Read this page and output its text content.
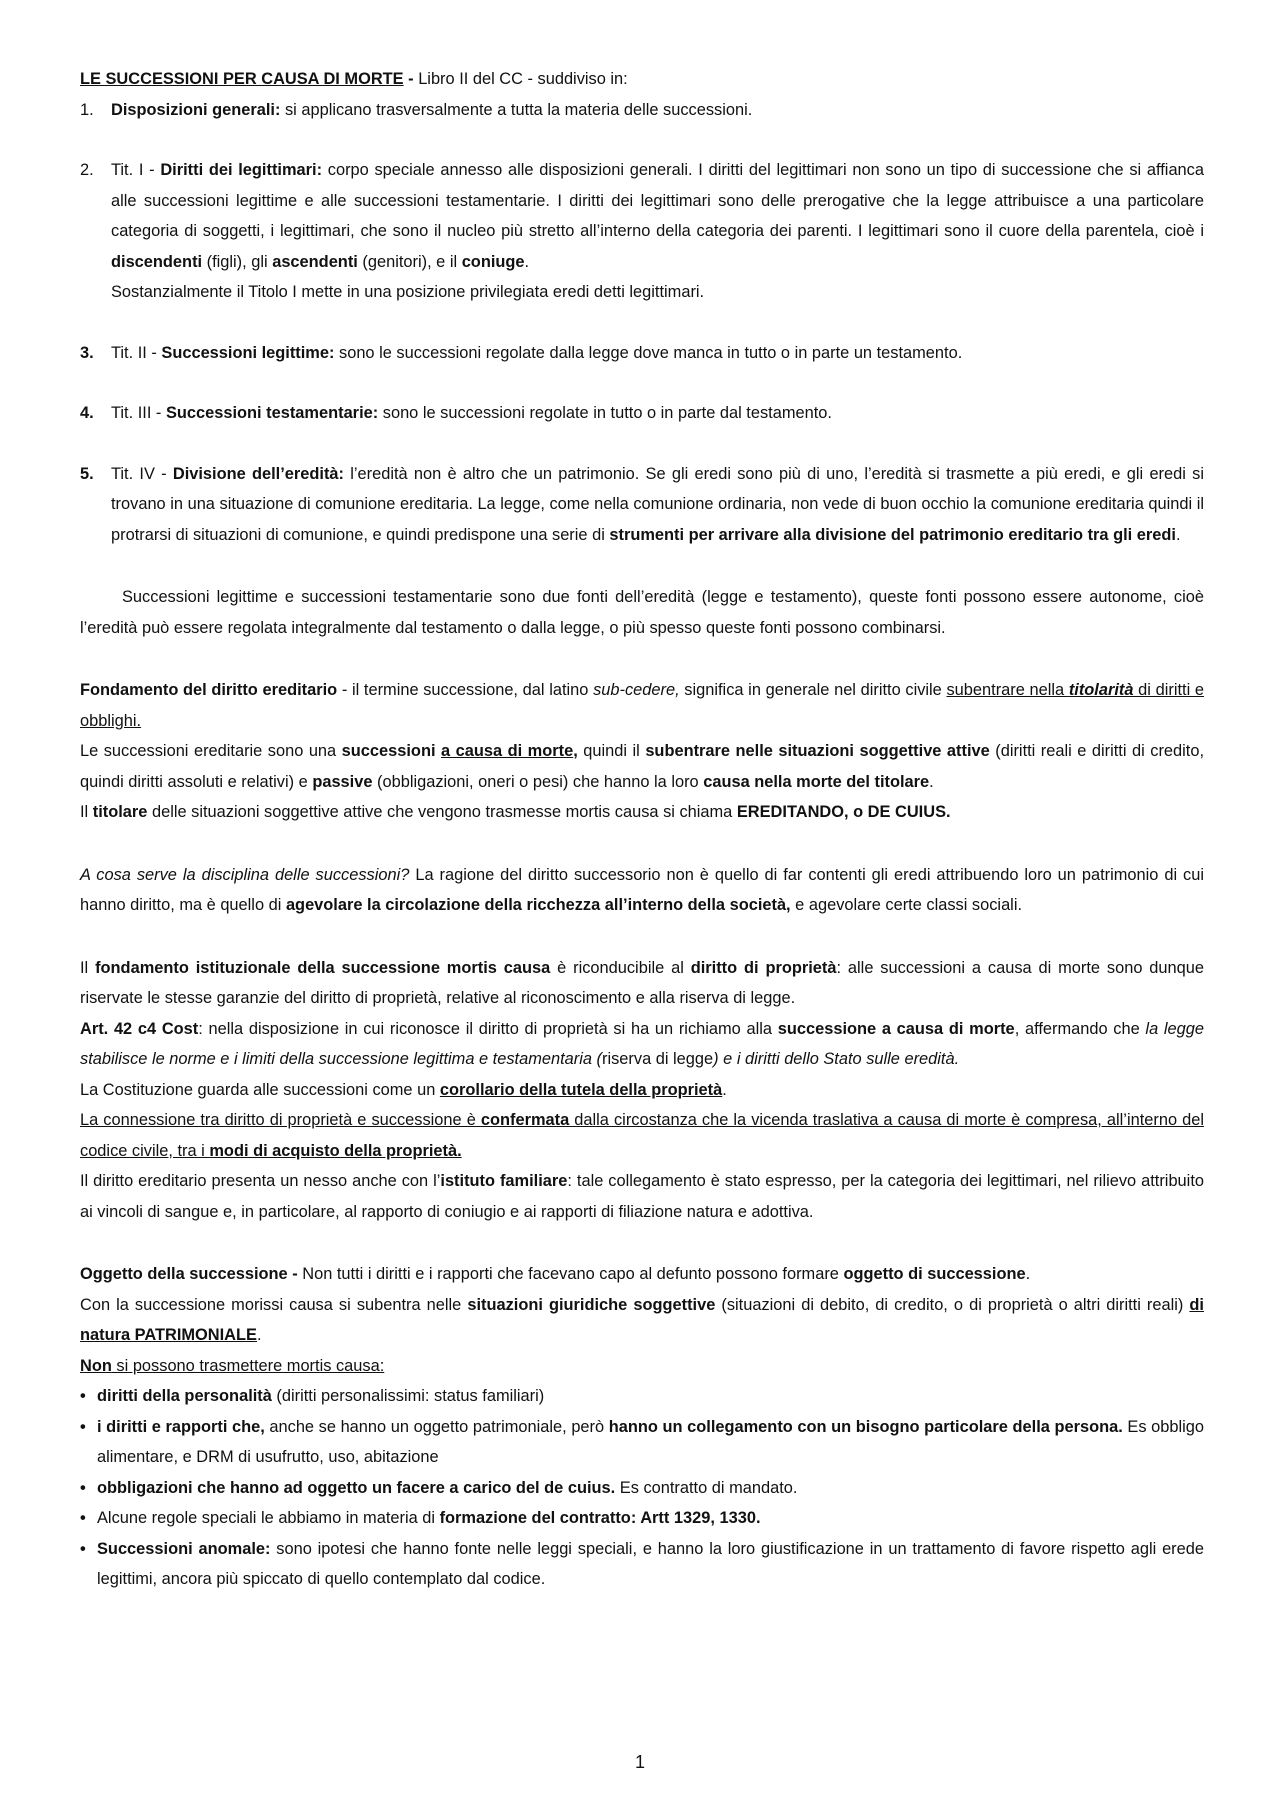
LE SUCCESSIONI PER CAUSA DI MORTE - Libro II del CC - suddiviso in:

1.	Disposizioni generali: si applicano trasversalmente a tutta la materia delle successioni.
2.	Tit. I - Diritti dei legittimari: corpo speciale annesso alle disposizioni generali. I diritti del legittimari non sono un tipo di successione che si affianca alle successioni legittime e alle successioni testamentarie. I diritti dei legittimari sono delle prerogative che la legge attribuisce a una particolare categoria di soggetti, i legittimari, che sono il nucleo più stretto all’interno della categoria dei parenti. I legittimari sono il cuore della parentela, cioè i discendenti (figli), gli ascendenti (genitori), e il coniuge.
Sostanzialmente il Titolo I mette in una posizione privilegiata eredi detti legittimari.
3.	Tit. II - Successioni legittime: sono le successioni regolate dalla legge dove manca in tutto o in parte un testamento.
4.	Tit. III - Successioni testamentarie: sono le successioni regolate in tutto o in parte dal testamento.
5.	Tit. IV - Divisione dell’eredità: l’eredità non è altro che un patrimonio. Se gli eredi sono più di uno, l’eredità si trasmette a più eredi, e gli eredi si trovano in una situazione di comunione ereditaria. La legge, come nella comunione ordinaria, non vede di buon occhio la comunione ereditaria quindi il protrarsi di situazioni di comunione, e quindi predispone una serie di strumenti per arrivare alla divisione del patrimonio ereditario tra gli eredi.

Successioni legittime e successioni testamentarie sono due fonti dell’eredità (legge e testamento), queste fonti possono essere autonome, cioè l’eredità può essere regolata integralmente dal testamento o dalla legge, o più spesso queste fonti possono combinarsi.

Fondamento del diritto ereditario - il termine successione, dal latino sub-cedere, significa in generale nel diritto civile subentrare nella titolarità di diritti e obblighi.

Le successioni ereditarie sono una successioni a causa di morte, quindi il subentrare nelle situazioni soggettive attive (diritti reali e diritti di credito, quindi diritti assoluti e relativi) e passive (obbligazioni, oneri o pesi) che hanno la loro causa nella morte del titolare.

Il titolare delle situazioni soggettive attive che vengono trasmesse mortis causa si chiama EREDITANDO, o DE CUIUS.

A cosa serve la disciplina delle successioni? La ragione del diritto successorio non è quello di far contenti gli eredi attribuendo loro un patrimonio di cui hanno diritto, ma è quello di agevolare la circolazione della ricchezza all’interno della società, e agevolare certe classi sociali.

Il fondamento istituzionale della successione mortis causa è riconducibile al diritto di proprietà: alle successioni a causa di morte sono dunque riservate le stesse garanzie del diritto di proprietà, relative al riconoscimento e alla riserva di legge.

Art. 42 c4 Cost: nella disposizione in cui riconosce il diritto di proprietà si ha un richiamo alla successione a causa di morte, affermando che la legge stabilisce le norme e i limiti della successione legittima e testamentaria (riserva di legge) e i diritti dello Stato sulle eredità.

La Costituzione guarda alle successioni come un corollario della tutela della proprietà.

La connessione tra diritto di proprietà e successione è confermata dalla circostanza che la vicenda traslativa a causa di morte è compresa, all’interno del codice civile, tra i modi di acquisto della proprietà.

Il diritto ereditario presenta un nesso anche con l’istituto familiare: tale collegamento è stato espresso, per la categoria dei legittimari, nel rilievo attribuito ai vincoli di sangue e, in particolare, al rapporto di coniugio e ai rapporti di filiazione natura e adottiva.

Oggetto della successione - Non tutti i diritti e i rapporti che facevano capo al defunto possono formare oggetto di successione.

Con la successione morissi causa si subentra nelle situazioni giuridiche soggettive (situazioni di debito, di credito, o di proprietà o altri diritti reali) di natura PATRIMONIALE.

Non si possono trasmettere mortis causa:

• diritti della personalità (diritti personalissimi: status familiari)
• i diritti e rapporti che, anche se hanno un oggetto patrimoniale, però hanno un collegamento con un bisogno particolare della persona. Es obbligo alimentare, e DRM di usufrutto, uso, abitazione
• obbligazioni che hanno ad oggetto un facere a carico del de cuius. Es contratto di mandato.
• Alcune regole speciali le abbiamo in materia di formazione del contratto: Artt 1329, 1330.
• Successioni anomale: sono ipotesi che hanno fonte nelle leggi speciali, e hanno la loro giustificazione in un trattamento di favore rispetto agli erede legittimi, ancora più spiccato di quello contemplato dal codice.
1
